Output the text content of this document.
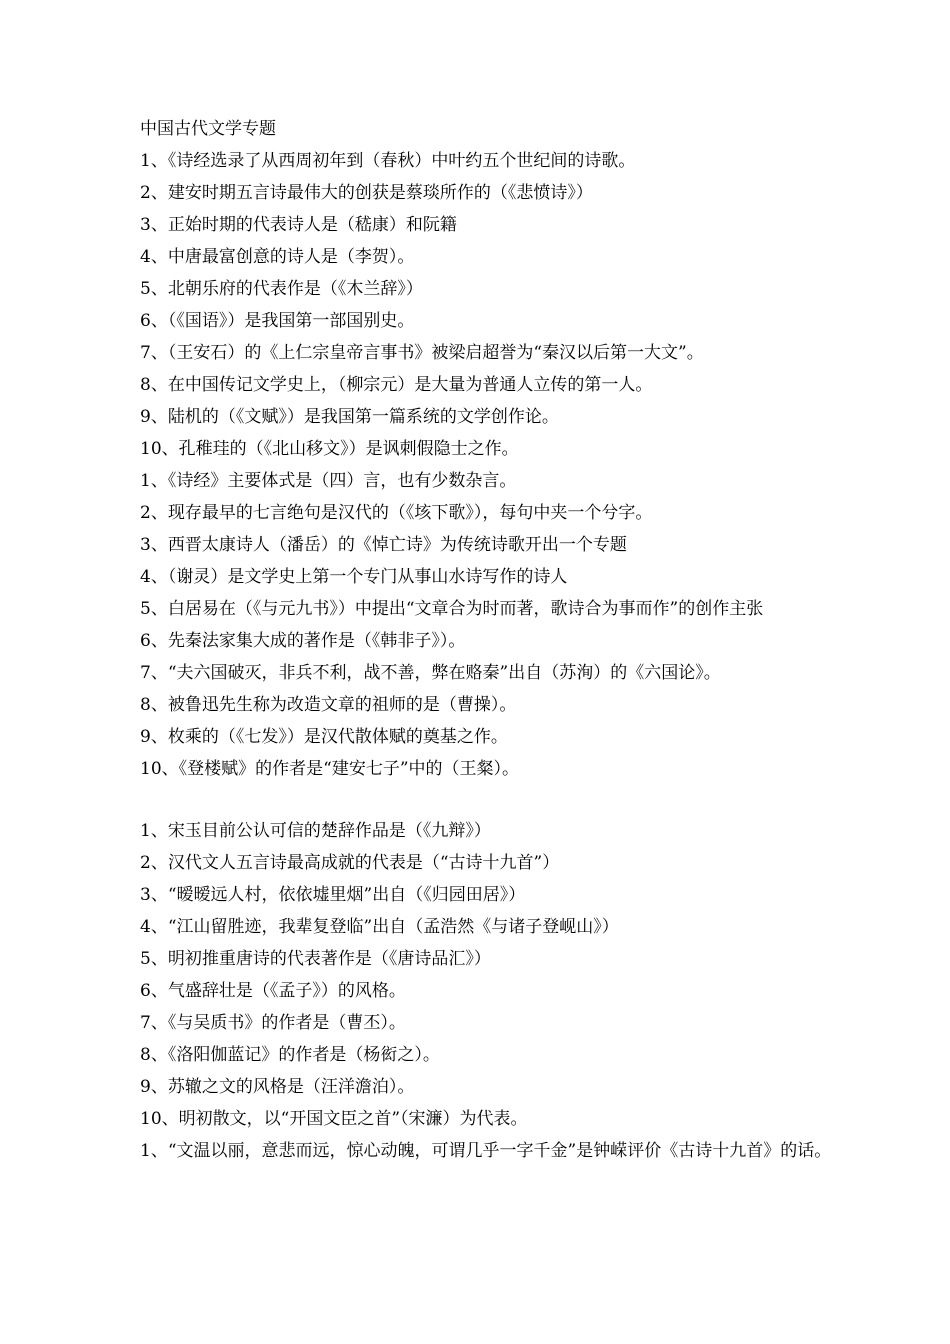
中国古代文学专题
1、《诗经选录了从西周初年到（春秋）中叶约五个世纪间的诗歌。
2、建安时期五言诗最伟大的创获是蔡琰所作的（《悲愤诗》）
3、正始时期的代表诗人是（嵇康）和阮籍
4、中唐最富创意的诗人是（李贺）。
5、北朝乐府的代表作是（《木兰辞》）
6、（《国语》）是我国第一部国别史。
7、（王安石）的《上仁宗皇帝言事书》被梁启超誉为“秦汉以后第一大文”。
8、在中国传记文学史上，（柳宗元）是大量为普通人立传的第一人。
9、陆机的（《文赋》）是我国第一篇系统的文学创作论。
10、孔稚珪的（《北山移文》）是讽刺假隐士之作。
1、《诗经》主要体式是（四）言，也有少数杂言。
2、现存最早的七言绝句是汉代的（《垓下歌》），每句中夹一个兮字。
3、西晋太康诗人（潘岳）的《悼亡诗》为传统诗歌开出一个专题
4、（谢灵）是文学史上第一个专门从事山水诗写作的诗人
5、白居易在（《与元九书》）中提出“文章合为时而著，歌诗合为事而作”的创作主张
6、先秦法家集大成的著作是（《韩非子》）。
7、“夫六国破灭，非兵不利，战不善，弊在赂秦”出自（苏洵）的《六国论》。
8、被鲁迅先生称为改造文章的祖师的是（曹操）。
9、枚乘的（《七发》）是汉代散体赋的奠基之作。
10、《登楼赋》的作者是“建安七子”中的（王粲）。
1、宋玉目前公认可信的楚辞作品是（《九辩》）
2、汉代文人五言诗最高成就的代表是（“古诗十九首”）
3、“暧暧远人村，依依墟里烟”出自（《归园田居》）
4、“江山留胜迹，我辈复登临”出自（孟浩然《与诸子登岘山》）
5、明初推重唐诗的代表著作是（《唐诗品汇》）
6、气盛辞壮是（《孟子》）的风格。
7、《与吴质书》的作者是（曹丕）。
8、《洛阳伽蓝记》的作者是（杨衒之）。
9、苏辙之文的风格是（汪洋澹泊）。
10、明初散文，以“开国文臣之首”（宋濂）为代表。
1、“文温以丽，意悲而远，惊心动魄，可谓几乎一字千金”是钟嵘评价《古诗十九首》的话。
